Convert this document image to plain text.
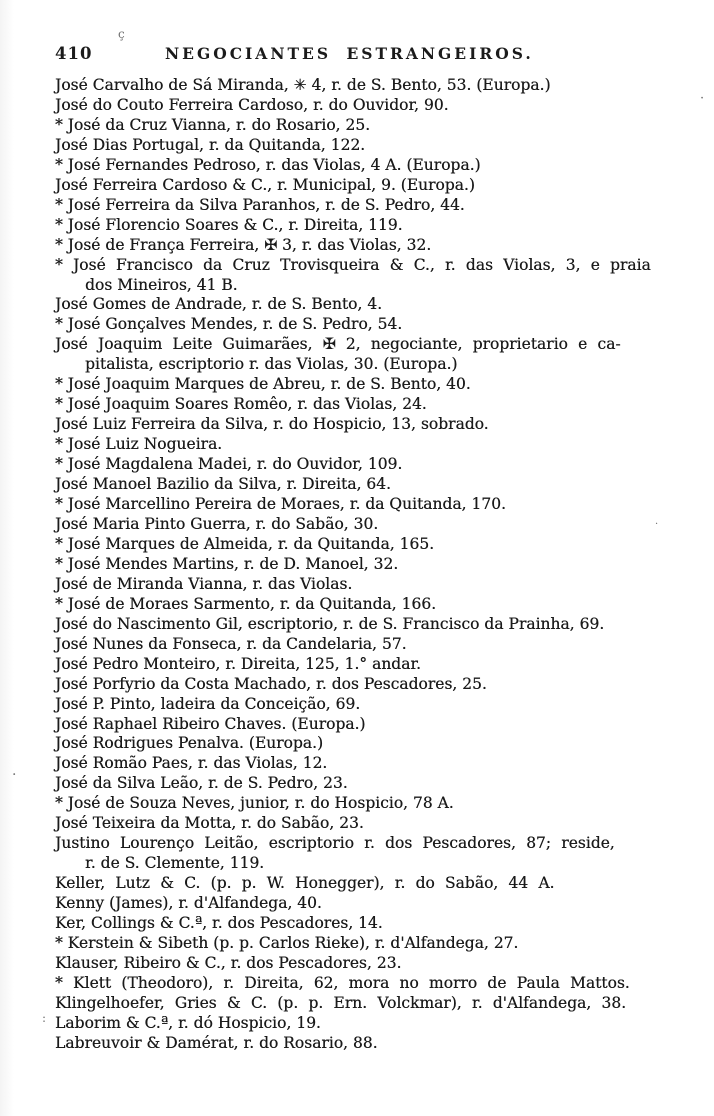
410	NEGOCIANTES ESTRANGEIROS.

José Carvalho de Sá Miranda, ✳ 4, r. de S. Bento, 53. (Europa.)

José do Couto Ferreira Cardoso, r. do Ouvidor, 90.

* José da Cruz Vianna, r. do Rosario, 25.

José Dias Portugal, r. da Quitanda, 122.

* José Fernandes Pedroso, r. das Violas, 4 A. (Europa.)

José Ferreira Cardoso & C., r. Municipal, 9. (Europa.)

* José Ferreira da Silva Paranhos, r. de S. Pedro, 44.

* José Florencio Soares & C., r. Direita, 119.

* José de França Ferreira, ✠ 3, r. das Violas, 32.

* José Francisco da Cruz Trovisqueira & C., r. das Violas, 3, e praia
dos Mineiros, 41 B.

José Gomes de Andrade, r. de S. Bento, 4.

* José Gonçalves Mendes, r. de S. Pedro, 54.

José Joaquim Leite Guimarães, ✠ 2, negociante, proprietario e ca-
pitalista, escriptorio r. das Violas, 30. (Europa.)

* José Joaquim Marques de Abreu, r. de S. Bento, 40.

* José Joaquim Soares Romêo, r. das Violas, 24.

José Luiz Ferreira da Silva, r. do Hospicio, 13, sobrado.

* José Luiz Nogueira.

* José Magdalena Madei, r. do Ouvidor, 109.

José Manoel Bazilio da Silva, r. Direita, 64.

* José Marcellino Pereira de Moraes, r. da Quitanda, 170.

José Maria Pinto Guerra, r. do Sabão, 30.

* José Marques de Almeida, r. da Quitanda, 165.

* José Mendes Martins, r. de D. Manoel, 32.

José de Miranda Vianna, r. das Violas.

* José de Moraes Sarmento, r. da Quitanda, 166.

José do Nascimento Gil, escriptorio, r. de S. Francisco da Prainha, 69.

José Nunes da Fonseca, r. da Candelaria, 57.

José Pedro Monteiro, r. Direita, 125, 1.° andar.

José Porfyrio da Costa Machado, r. dos Pescadores, 25.

José P. Pinto, ladeira da Conceição, 69.

José Raphael Ribeiro Chaves. (Europa.)

José Rodrigues Penalva. (Europa.)

José Romão Paes, r. das Violas, 12.

José da Silva Leão, r. de S. Pedro, 23.

* José de Souza Neves, junior, r. do Hospicio, 78 A.

José Teixeira da Motta, r. do Sabão, 23.

Justino Lourenço Leitão, escriptorio r. dos Pescadores, 87; reside,
r. de S. Clemente, 119.

Keller, Lutz & C. (p. p. W. Honegger), r. do Sabão, 44 A.

Kenny (James), r. d'Alfandega, 40.

Ker, Collings & C.ª, r. dos Pescadores, 14.

* Kerstein & Sibeth (p. p. Carlos Rieke), r. d'Alfandega, 27.

Klauser, Ribeiro & C., r. dos Pescadores, 23.

* Klett (Theodoro), r. Direita, 62, mora no morro de Paula Mattos.

Klingelhoefer, Gries & C. (p. p. Ern. Volckmar), r. d'Alfandega, 38.

Laborim & C.ª, r. dó Hospicio, 19.

Labreuvoir & Damérat, r. do Rosario, 88.

ç
·
·
:
·
